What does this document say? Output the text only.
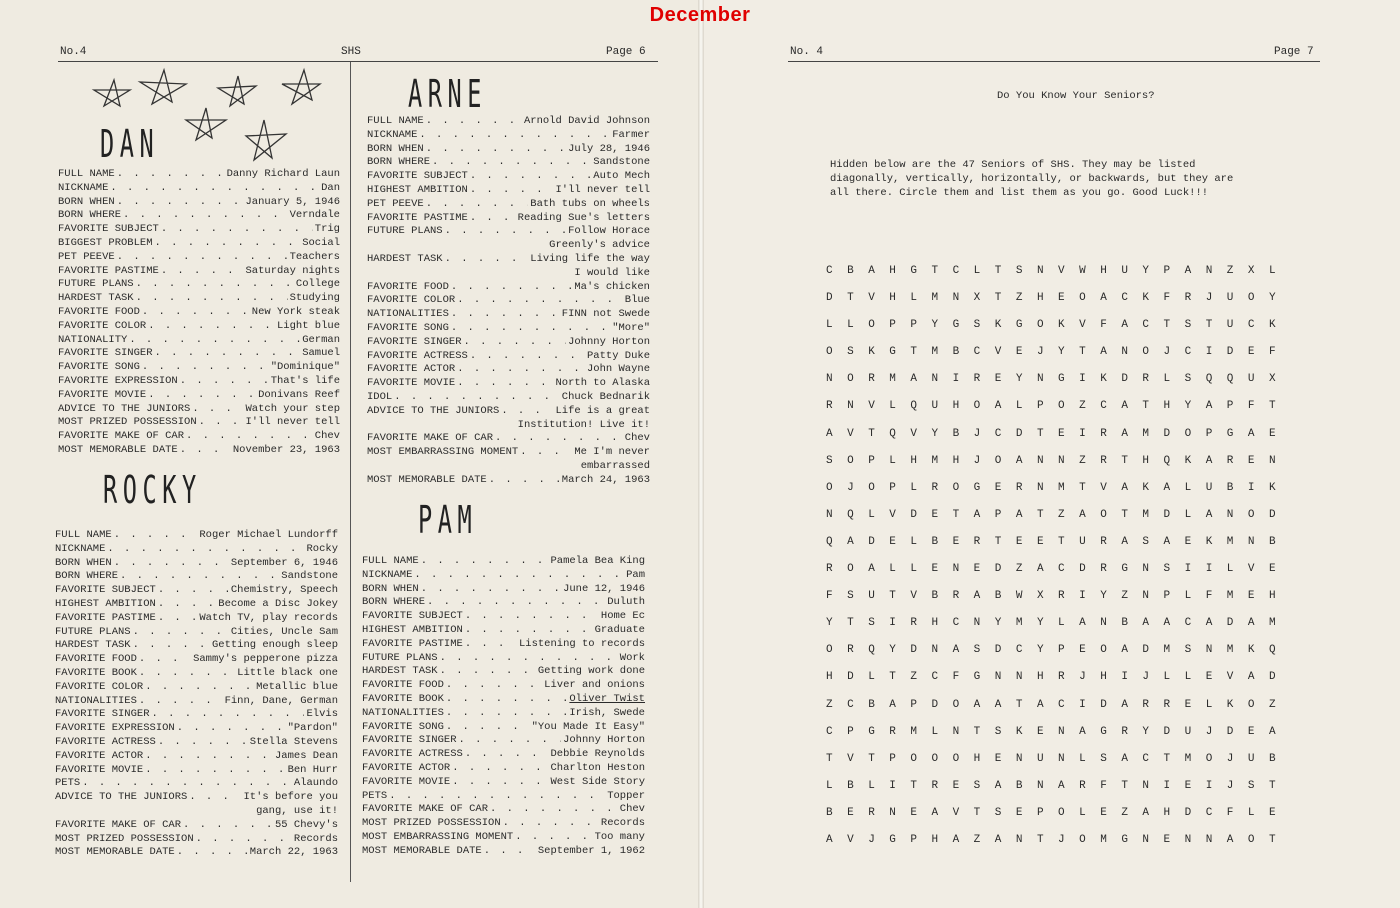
December
No.4	SHS	Page 6	No. 4	Page 7
DAN
ROCKY
ARNE
PAM
FULL NAME . . .	Danny Richard Laun
NICKNAME . . .	Dan
BORN WHEN . . .	January 5, 1946
BORN WHERE . . .	Verndale
FAVORITE SUBJECT . . .	Trig
BIGGEST PROBLEM . . .	Social
PET PEEVE . . .	Teachers
FAVORITE PASTIME . . .	Saturday nights
FUTURE PLANS . . .	College
HARDEST TASK . . .	Studying
FAVORITE FOOD . . .	New York steak
FAVORITE COLOR . . .	Light blue
NATIONALITY . . .	German
FAVORITE SINGER . . .	Samuel
FAVORITE SONG . . .	"Dominique"
FAVORITE EXPRESSION . . .	That's life
FAVORITE MOVIE . . .	Donivans Reef
ADVICE TO THE JUNIORS . . .	Watch your step
MOST PRIZED POSSESSION . . .	I'll never tell
FAVORITE MAKE OF CAR . . .	Chev
MOST MEMORABLE DATE . . .	November 23, 1963
FULL NAME . . .	Roger Michael Lundorff
NICKNAME . . .	Rocky
BORN WHEN . . .	September 6, 1946
BORN WHERE . . .	Sandstone
FAVORITE SUBJECT . . .	Chemistry, Speech
HIGHEST AMBITION . . .	Become a Disc Jokey
FAVORITE PASTIME . . .	Watch TV, play records
FUTURE PLANS . . .	Cities, Uncle Sam
HARDEST TASK . . .	Getting enough sleep
FAVORITE FOOD . . .	Sammy's pepperone pizza
FAVORITE BOOK . . .	Little black one
FAVORITE COLOR . . .	Metallic blue
NATIONALITIES . . .	Finn, Dane, German
FAVORITE SINGER . . .	Elvis
FAVORITE EXPRESSION . . .	"Pardon"
FAVORITE ACTRESS . . .	Stella Stevens
FAVORITE ACTOR . . .	James Dean
FAVORITE MOVIE . . .	Ben Hurr
PETS . . .	Alaundo
ADVICE TO THE JUNIORS . . .	It's before you
gang, use it!
FAVORITE MAKE OF CAR . . .	55 Chevy's
MOST PRIZED POSSESSION . . .	Records
MOST MEMORABLE DATE . . .	March 22, 1963
FULL NAME . . .	Arnold David Johnson
NICKNAME . . .	Farmer
BORN WHEN . . .	July 28, 1946
BORN WHERE . . .	Sandstone
FAVORITE SUBJECT . . .	Auto Mech
HIGHEST AMBITION . . .	I'll never tell
PET PEEVE . . .	Bath tubs on wheels
FAVORITE PASTIME . . .	Reading Sue's letters
FUTURE PLANS . . .	Follow Horace
Greenly's advice
HARDEST TASK . . .	Living life the way
I would like
FAVORITE FOOD . . .	Ma's chicken
FAVORITE COLOR . . .	Blue
NATIONALITIES . . .	FINN not Swede
FAVORITE SONG . . .	"More"
FAVORITE SINGER . . .	Johnny Horton
FAVORITE ACTRESS . . .	Patty Duke
FAVORITE ACTOR . . .	John Wayne
FAVORITE MOVIE . . .	North to Alaska
IDOL . . .	Chuck Bednarik
ADVICE TO THE JUNIORS . . .	Life is a great
Institution! Live it!
FAVORITE MAKE OF CAR . . .	Chev
MOST EMBARRASSING MOMENT . . .	Me I'm never
embarrassed
MOST MEMORABLE DATE . . .	March 24, 1963
FULL NAME . . .	Pamela Bea King
NICKNAME . . .	Pam
BORN WHEN . . .	June 12, 1946
BORN WHERE . . .	Duluth
FAVORITE SUBJECT . . .	Home Ec
HIGHEST AMBITION . . .	Graduate
FAVORITE PASTIME . . .	Listening to records
FUTURE PLANS . . .	Work
HARDEST TASK . . .	Getting work done
FAVORITE FOOD . . .	Liver and onions
FAVORITE BOOK . . .	Oliver Twist
NATIONALITIES . . .	Irish, Swede
FAVORITE SONG . . .	"You Made It Easy"
FAVORITE SINGER . . .	Johnny Horton
FAVORITE ACTRESS . . .	Debbie Reynolds
FAVORITE ACTOR . . .	Charlton Heston
FAVORITE MOVIE . . .	West Side Story
PETS . . .	Topper
FAVORITE MAKE OF CAR . . .	Chev
MOST PRIZED POSSESSION . . .	Records
MOST EMBARRASSING MOMENT . . .	Too many
MOST MEMORABLE DATE . . .	September 1, 1962
Do You Know Your Seniors?
Hidden below are the 47 Seniors of SHS. They may be listed
diagonally, vertically, horizontally, or backwards, but they are
all there. Circle them and list them as you go. Good Luck!!!
C B A H G T C L T S N V W H U Y P A N Z X L
D T V H L M N X T Z H E O A C K F R J U O Y
L L O P P Y G S K G O K V F A C T S T U C K
O S K G T M B C V E J Y T A N O J C I D E F
N O R M A N I R E Y N G I K D R L S Q Q U X
R N V L Q U H O A L P O Z C A T H Y A P F T
A V T Q V Y B J C D T E I R A M D O P G A E
S O P L H M H J O A N N Z R T H Q K A R E N
O J O P L R O G E R N M T V A K A L U B I K
N Q L V D E T A P A T Z A O T M D L A N O D
Q A D E L B E R T E E T U R A S A E K M N B
R O A L L E N E D Z A C D R G N S I I L V E
F S U T V B R A B W X R I Y Z N P L F M E H
Y T S I R H C N Y M Y L A N B A A C A D A M
O R Q Y D N A S D C Y P E O A D M S N M K Q
H D L T Z C F G N N H R J H I J L L E V A D
Z C B A P D O A A T A C I D A R R E L K O Z
C P G R M L N T S K E N A G R Y D U J D E A
T V T P O O O H E N U N L S A C T M O J U B
L B L I T R E S A B N A R F T N I E I J S T
B E R N E A V T S E P O L E Z A H D C F L E
A V J G P H A Z A N T J O M G N E N N A O T
